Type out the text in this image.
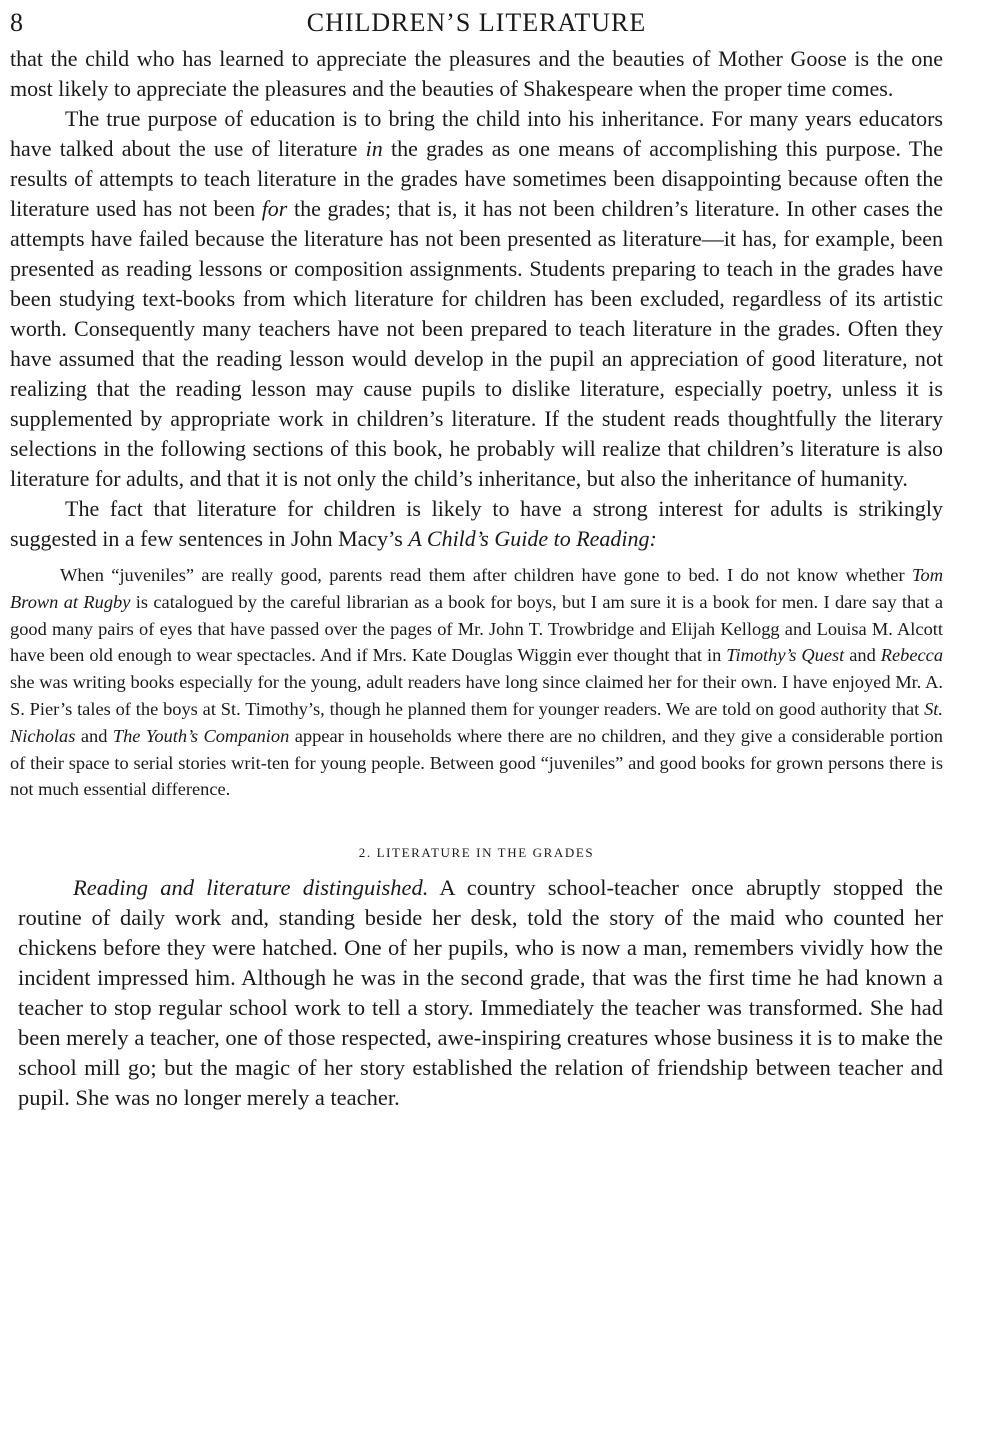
8	CHILDREN’S LITERATURE

that the child who has learned to appreciate the pleasures and the beauties of Mother Goose is the one most likely to appreciate the pleasures and the beauties of Shakespeare when the proper time comes.

The true purpose of education is to bring the child into his inheritance. For many years educators have talked about the use of literature in the grades as one means of accomplishing this purpose. The results of attempts to teach literature in the grades have sometimes been disappointing because often the literature used has not been for the grades; that is, it has not been children’s literature. In other cases the attempts have failed because the literature has not been presented as literature—it has, for example, been presented as reading lessons or composition assignments. Students preparing to teach in the grades have been studying text-books from which literature for children has been excluded, regardless of its artistic worth. Consequently many teachers have not been prepared to teach literature in the grades. Often they have assumed that the reading lesson would develop in the pupil an appreciation of good literature, not realizing that the reading lesson may cause pupils to dislike literature, especially poetry, unless it is supplemented by appropriate work in children’s literature. If the student reads thoughtfully the literary selections in the following sections of this book, he probably will realize that children’s literature is also literature for adults, and that it is not only the child’s inheritance, but also the inheritance of humanity.

The fact that literature for children is likely to have a strong interest for adults is strikingly suggested in a few sentences in John Macy’s A Child’s Guide to Reading:

When “juveniles” are really good, parents read them after children have gone to bed. I do not know whether Tom Brown at Rugby is catalogued by the careful librarian as a book for boys, but I am sure it is a book for men. I dare say that a good many pairs of eyes that have passed over the pages of Mr. John T. Trowbridge and Elijah Kellogg and Louisa M. Alcott have been old enough to wear spectacles. And if Mrs. Kate Douglas Wiggin ever thought that in Timothy’s Quest and Rebecca she was writing books especially for the young, adult readers have long since claimed her for their own. I have enjoyed Mr. A. S. Pier’s tales of the boys at St. Timothy’s, though he planned them for younger readers. We are told on good authority that St. Nicholas and The Youth’s Companion appear in households where there are no children, and they give a considerable portion of their space to serial stories writ-ten for young people. Between good “juveniles” and good books for grown persons there is not much essential difference.

2. LITERATURE IN THE GRADES

Reading and literature distinguished. A country school-teacher once abruptly stopped the routine of daily work and, standing beside her desk, told the story of the maid who counted her chickens before they were hatched. One of her pupils, who is now a man, remembers vividly how the incident impressed him. Although he was in the second grade, that was the first time he had known a teacher to stop regular school work to tell a story. Immediately the teacher was transformed. She had been merely a teacher, one of those respected, awe-inspiring creatures whose business it is to make the school mill go; but the magic of her story established the relation of friendship between teacher and pupil. She was no longer merely a teacher.
